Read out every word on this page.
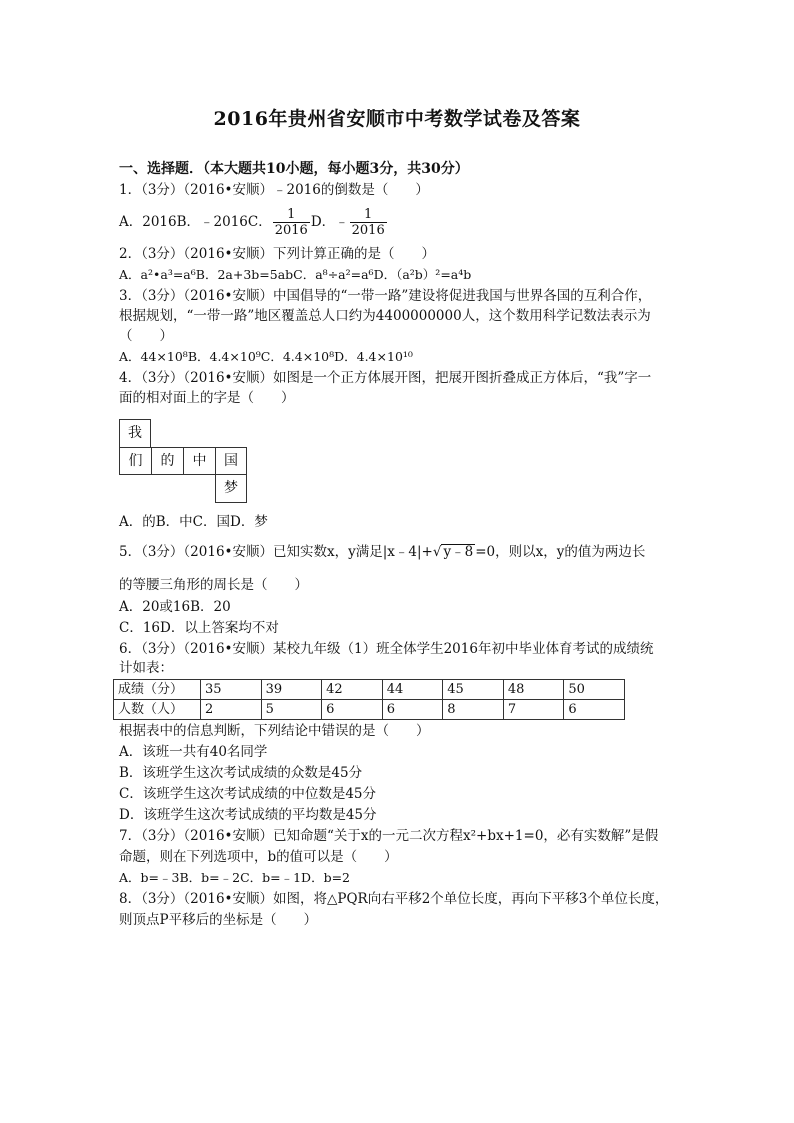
2016年贵州省安顺市中考数学试卷及答案
一、选择题．（本大题共10小题，每小题3分，共30分）
1．（3分）（2016•安顺）﹣2016的倒数是（　　）
A．2016B．﹣2016C． $\frac{1}{2016}$ D．﹣ $\frac{1}{2016}$
2．（3分）（2016•安顺）下列计算正确的是（　　）
A．a²•a³=a⁶B．2a+3b=5abC．a⁸÷a²=a⁶D．（a²b）²=a⁴b
3．（3分）（2016•安顺）中国倡导的“一带一路”建设将促进我国与世界各国的互利合作，
根据规划，“一带一路”地区覆盖总人口约为4400000000人，这个数用科学记数法表示为
（　　）
A．44×10⁸B．4.4×10⁹C．4.4×10⁸D．4.4×10¹⁰
4．（3分）（2016•安顺）如图是一个正方体展开图，把展开图折叠成正方体后，“我”字一
面的相对面上的字是（　　）
我
们	的	中	国
梦
A．的B．中C．国D．梦
5．（3分）（2016•安顺）已知实数x，y满足|x﹣4|+√ y﹣8 =0，则以x，y的值为两边长
的等腰三角形的周长是（　　）
A．20或16B．20
C．16D．以上答案均不对
6．（3分）（2016•安顺）某校九年级（1）班全体学生2016年初中毕业体育考试的成绩统
计如表：
成绩（分）	35	39	42	44	45	48	50
人数（人）	2	5	6	6	8	7	6
根据表中的信息判断，下列结论中错误的是（　　）
A．该班一共有40名同学
B．该班学生这次考试成绩的众数是45分
C．该班学生这次考试成绩的中位数是45分
D．该班学生这次考试成绩的平均数是45分
7．（3分）（2016•安顺）已知命题“关于x的一元二次方程x²+bx+1=0，必有实数解”是假
命题，则在下列选项中，b的值可以是（　　）
A．b=﹣3B．b=﹣2C．b=﹣1D．b=2
8．（3分）（2016•安顺）如图，将△PQR向右平移2个单位长度，再向下平移3个单位长度，
则顶点P平移后的坐标是（　　）
